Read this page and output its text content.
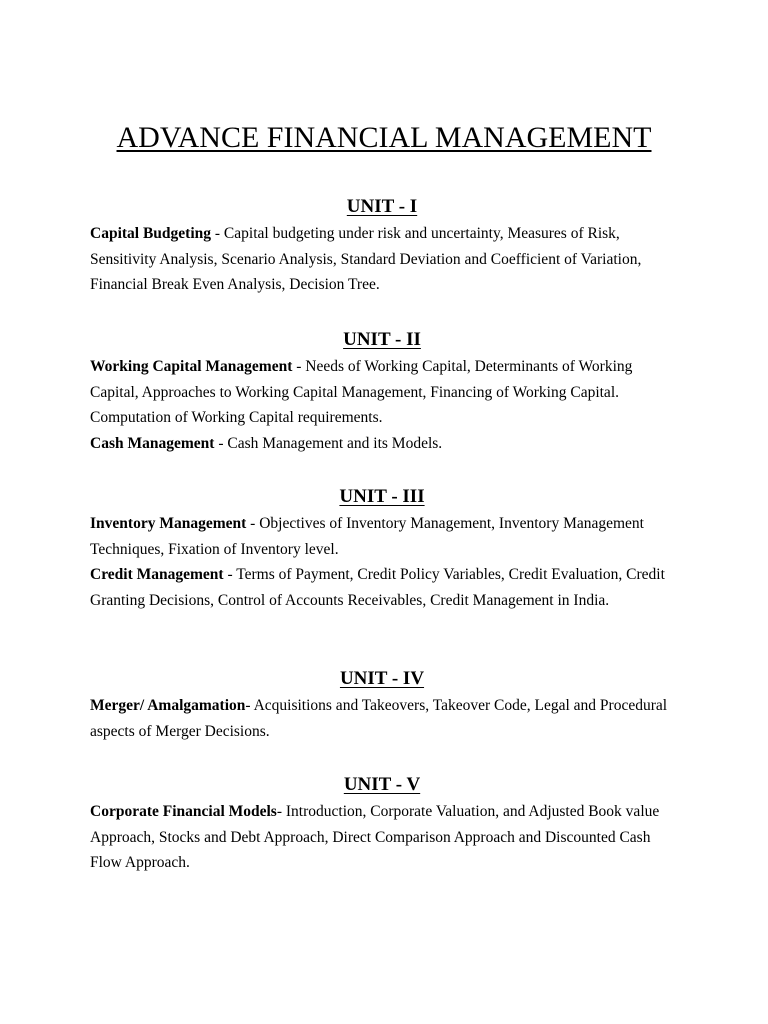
ADVANCE FINANCIAL MANAGEMENT
UNIT - I

Capital Budgeting - Capital budgeting under risk and uncertainty, Measures of Risk, Sensitivity Analysis, Scenario Analysis, Standard Deviation and Coefficient of Variation, Financial Break Even Analysis, Decision Tree.

UNIT - II

Working Capital Management - Needs of Working Capital, Determinants of Working Capital, Approaches to Working Capital Management, Financing of Working Capital. Computation of Working Capital requirements.

Cash Management - Cash Management and its Models.

UNIT - III

Inventory Management - Objectives of Inventory Management, Inventory Management Techniques, Fixation of Inventory level.

Credit Management - Terms of Payment, Credit Policy Variables, Credit Evaluation, Credit Granting Decisions, Control of Accounts Receivables, Credit Management in India.

UNIT - IV

Merger/ Amalgamation- Acquisitions and Takeovers, Takeover Code, Legal and Procedural aspects of Merger Decisions.

UNIT - V

Corporate Financial Models- Introduction, Corporate Valuation, and Adjusted Book value Approach, Stocks and Debt Approach, Direct Comparison Approach and Discounted Cash Flow Approach.
